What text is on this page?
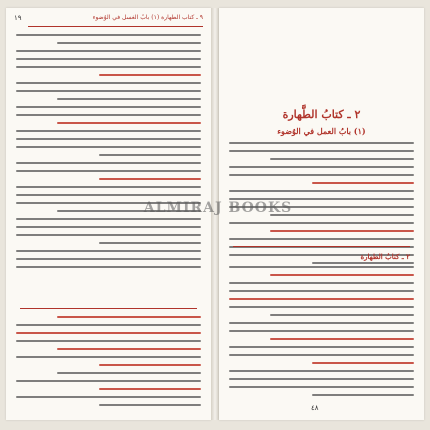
١٩	٩ ـ كتاب الطهارة (١) بابُ الغسل في الوُضوء
٢ ـ كتابُ الطَّهارة
(١) بابُ العمل في الوُضوء
٢ ـ كتابُ الطهارة
٤٨
ALMIRAJ BOOKS
